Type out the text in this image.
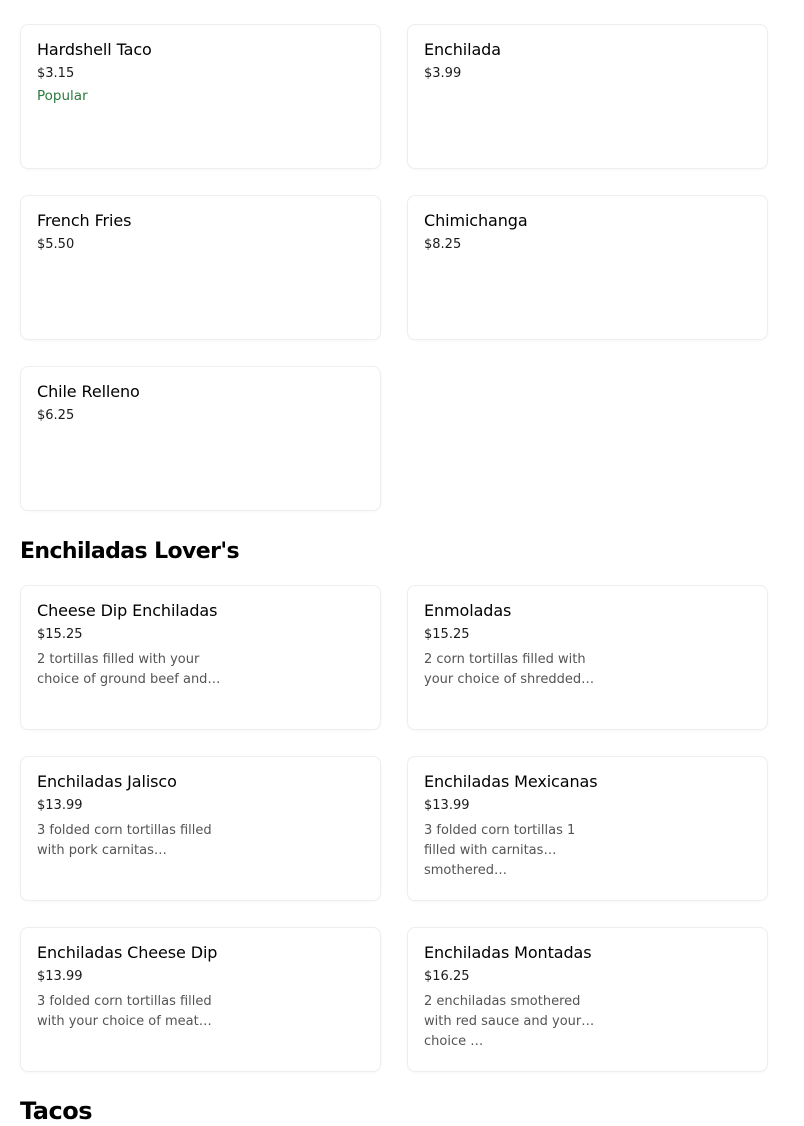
Hardshell Taco
$3.15
Popular
Enchilada
$3.99
French Fries
$5.50
Chimichanga
$8.25
Chile Relleno
$6.25
Enchiladas Lover's
Cheese Dip Enchiladas
$15.25
2 tortillas filled with your choice of ground beef and…
Enmoladas
$15.25
2 corn tortillas filled with your choice of shredded…
Enchiladas Jalisco
$13.99
3 folded corn tortillas filled with pork carnitas…
Enchiladas Mexicanas
$13.99
3 folded corn tortillas 1 filled with carnitas smothered…
Enchiladas Cheese Dip
$13.99
3 folded corn tortillas filled with your choice of meat…
Enchiladas Montadas
$16.25
2 enchiladas smothered with red sauce and your choice …
Tacos
